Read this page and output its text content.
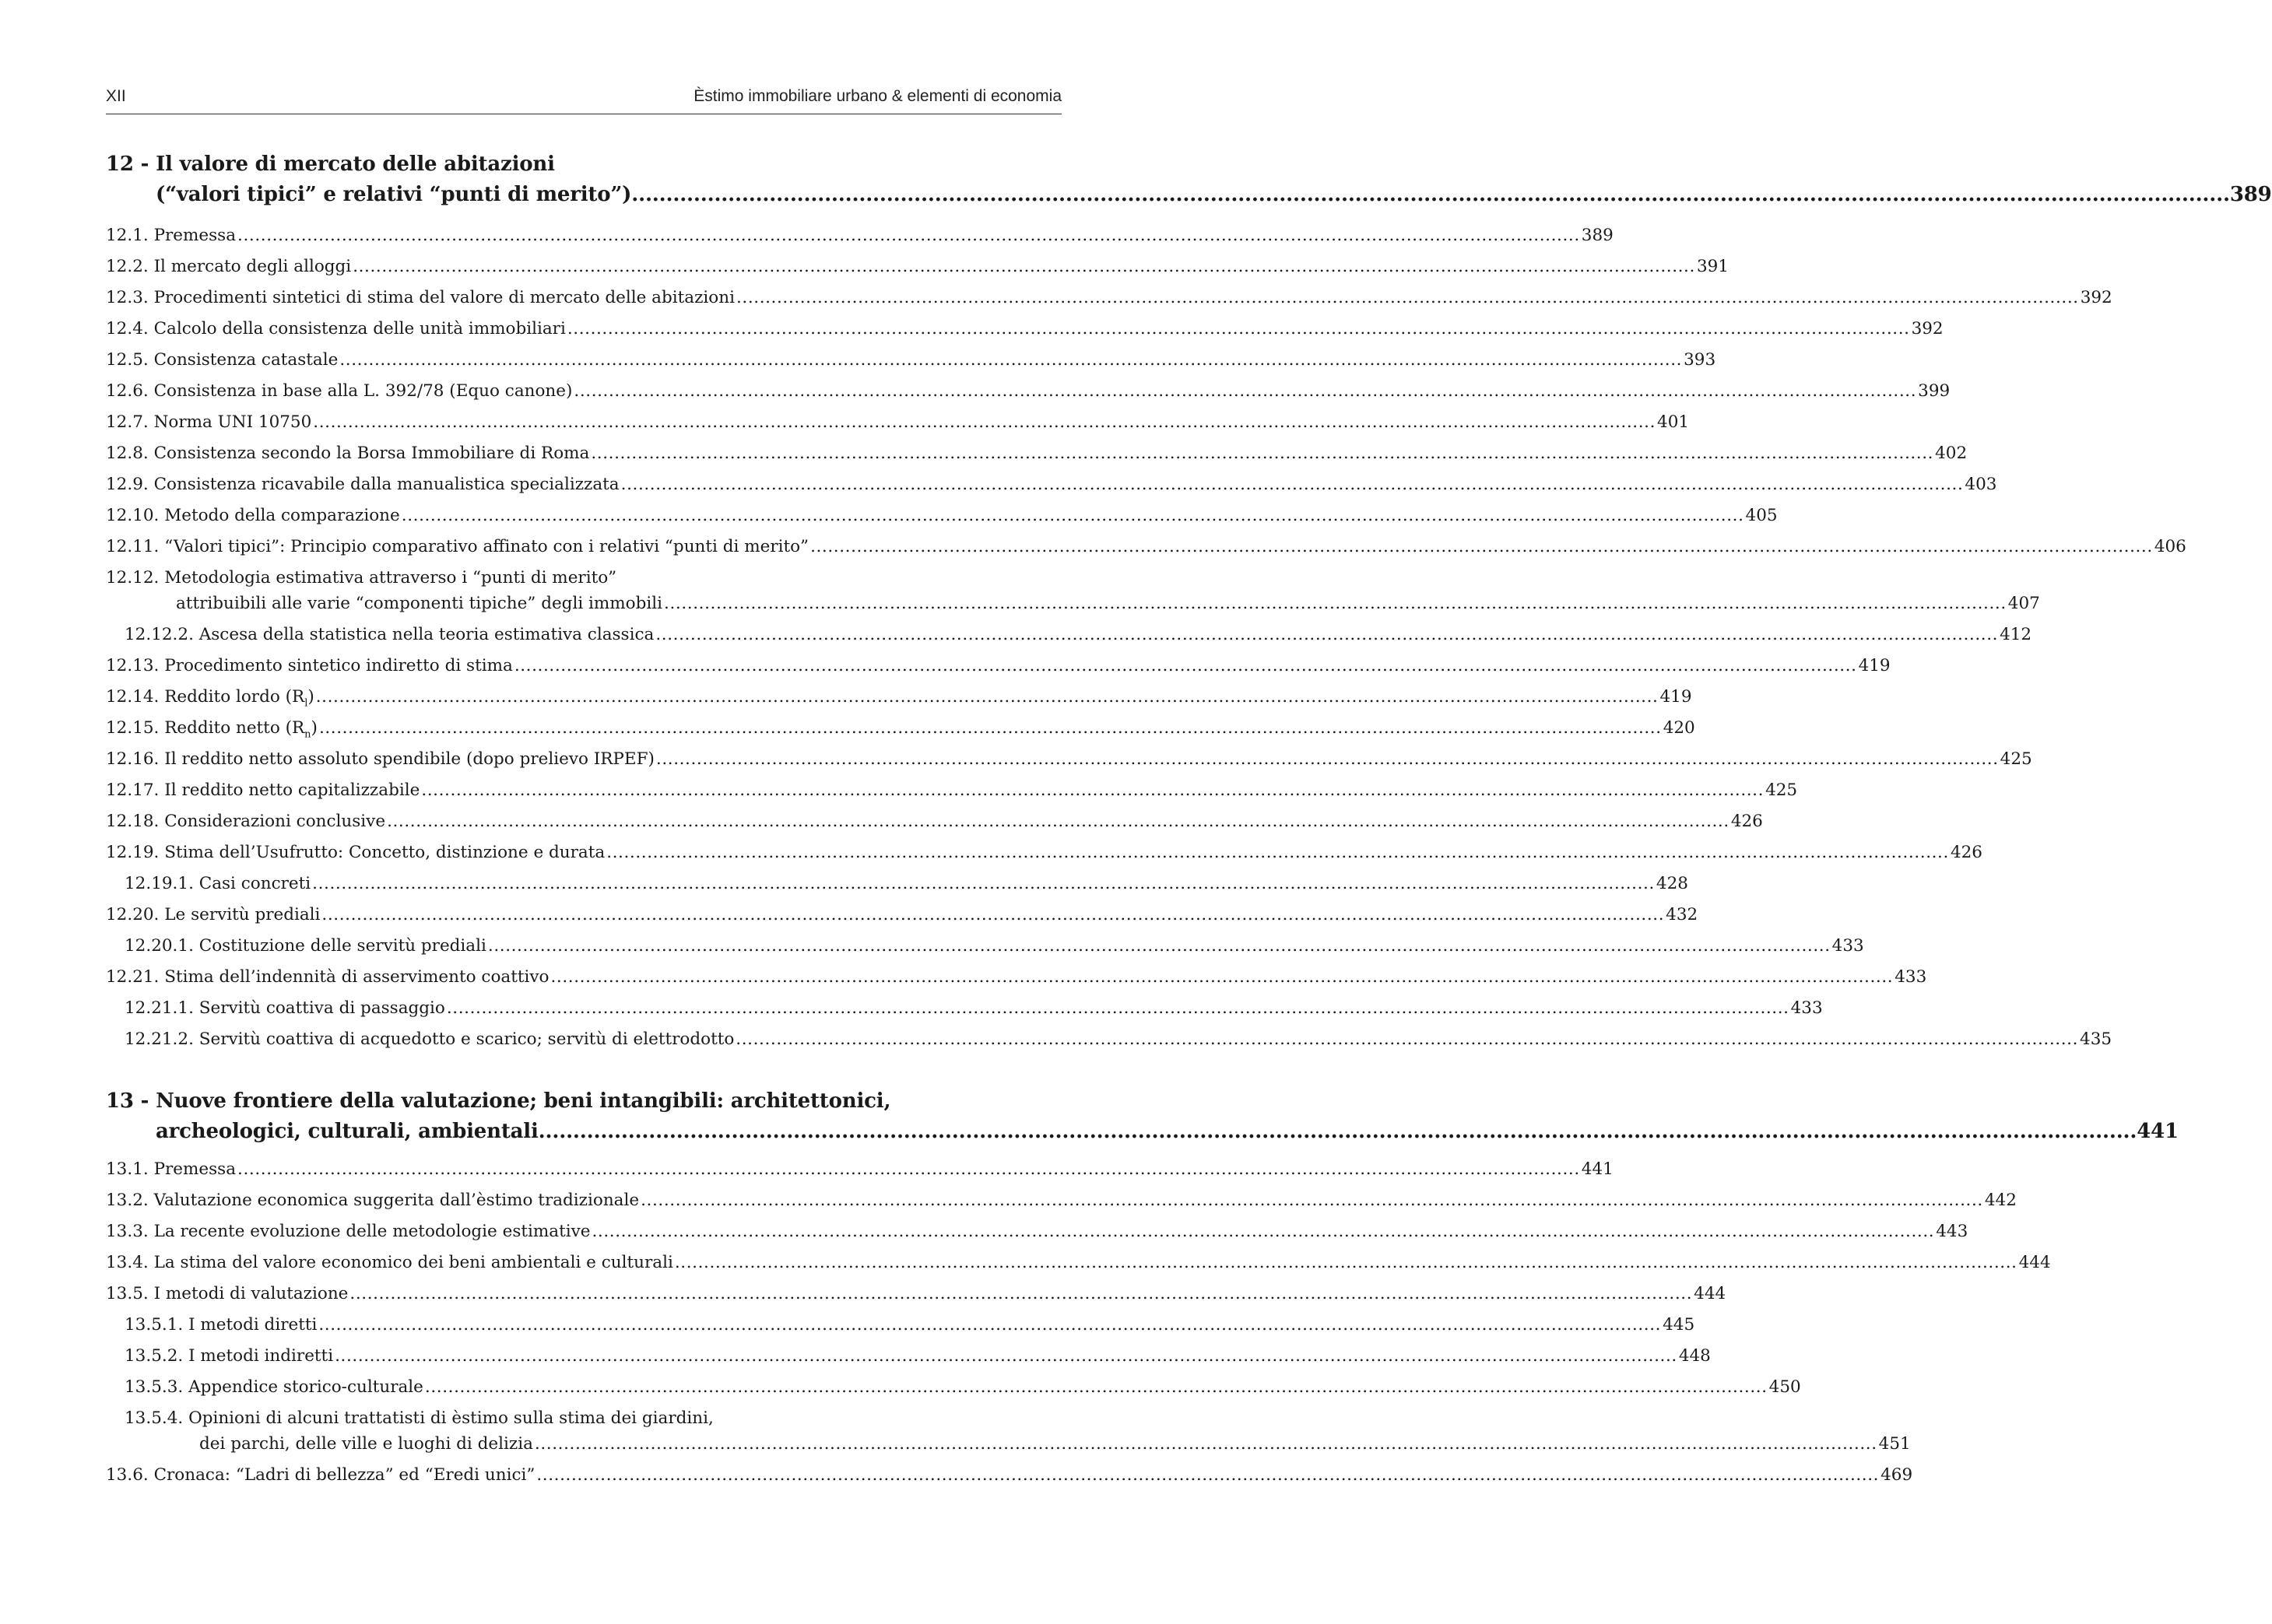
XII	Èstimo immobiliare urbano & elementi di economia
12 - Il valore di mercato delle abitazioni
(“valori tipici” e relativi “punti di merito”) ........................................................................................................................................................................................................................................ 389
12.1.
Premessa ........................................................................................................................................................................................................................................ 389
12.2.
Il mercato degli alloggi ........................................................................................................................................................................................................................................ 391
12.3.
Procedimenti sintetici di stima del valore di mercato delle abitazioni ........................................................................................................................................................................................................................................ 392
12.4.
Calcolo della consistenza delle unità immobiliari ........................................................................................................................................................................................................................................ 392
12.5.
Consistenza catastale ........................................................................................................................................................................................................................................ 393
12.6.
Consistenza in base alla L. 392/78 (Equo canone) ........................................................................................................................................................................................................................................ 399
12.7.
Norma UNI 10750 ........................................................................................................................................................................................................................................ 401
12.8.
Consistenza secondo la Borsa Immobiliare di Roma ........................................................................................................................................................................................................................................ 402
12.9.
Consistenza ricavabile dalla manualistica specializzata ........................................................................................................................................................................................................................................ 403
12.10.
Metodo della comparazione ........................................................................................................................................................................................................................................ 405
12.11.
“Valori tipici”: Principio comparativo affinato con i relativi “punti di merito” ........................................................................................................................................................................................................................................ 406
12.12. Metodologia estimativa attraverso i “punti di merito”
attribuibili alle varie “componenti tipiche” degli immobili ........................................................................................................................................................................................................................................ 407
12.12.2.
Ascesa della statistica nella teoria estimativa classica ........................................................................................................................................................................................................................................ 412
12.13.
Procedimento sintetico indiretto di stima ........................................................................................................................................................................................................................................ 419
12.14.
Reddito lordo $(R_l)$ ........................................................................................................................................................................................................................................ 419
12.15.
Reddito netto $(R_n)$ ........................................................................................................................................................................................................................................ 420
12.16.
Il reddito netto assoluto spendibile (dopo prelievo IRPEF) ........................................................................................................................................................................................................................................ 425
12.17.
Il reddito netto capitalizzabile ........................................................................................................................................................................................................................................ 425
12.18.
Considerazioni conclusive ........................................................................................................................................................................................................................................ 426
12.19.
Stima dell’Usufrutto: Concetto, distinzione e durata ........................................................................................................................................................................................................................................ 426
12.19.1.
Casi concreti ........................................................................................................................................................................................................................................ 428
12.20.
Le servitù prediali ........................................................................................................................................................................................................................................ 432
12.20.1.
Costituzione delle servitù prediali ........................................................................................................................................................................................................................................ 433
12.21.
Stima dell’indennità di asservimento coattivo ........................................................................................................................................................................................................................................ 433
12.21.1.
Servitù coattiva di passaggio ........................................................................................................................................................................................................................................ 433
12.21.2.
Servitù coattiva di acquedotto e scarico; servitù di elettrodotto ........................................................................................................................................................................................................................................ 435
13 - Nuove frontiere della valutazione; beni intangibili: architettonici,
archeologici, culturali, ambientali ........................................................................................................................................................................................................................................ 441
13.1.
Premessa ........................................................................................................................................................................................................................................ 441
13.2.
Valutazione economica suggerita dall’èstimo tradizionale ........................................................................................................................................................................................................................................ 442
13.3.
La recente evoluzione delle metodologie estimative ........................................................................................................................................................................................................................................ 443
13.4.
La stima del valore economico dei beni ambientali e culturali ........................................................................................................................................................................................................................................ 444
13.5.
I metodi di valutazione ........................................................................................................................................................................................................................................ 444
13.5.1.
I metodi diretti ........................................................................................................................................................................................................................................ 445
13.5.2.
I metodi indiretti ........................................................................................................................................................................................................................................ 448
13.5.3.
Appendice storico-culturale ........................................................................................................................................................................................................................................ 450
13.5.4. Opinioni di alcuni trattatisti di èstimo sulla stima dei giardini,
dei parchi, delle ville e luoghi di delizia ........................................................................................................................................................................................................................................ 451
13.6.
Cronaca: “Ladri di bellezza” ed “Eredi unici” ........................................................................................................................................................................................................................................ 469
